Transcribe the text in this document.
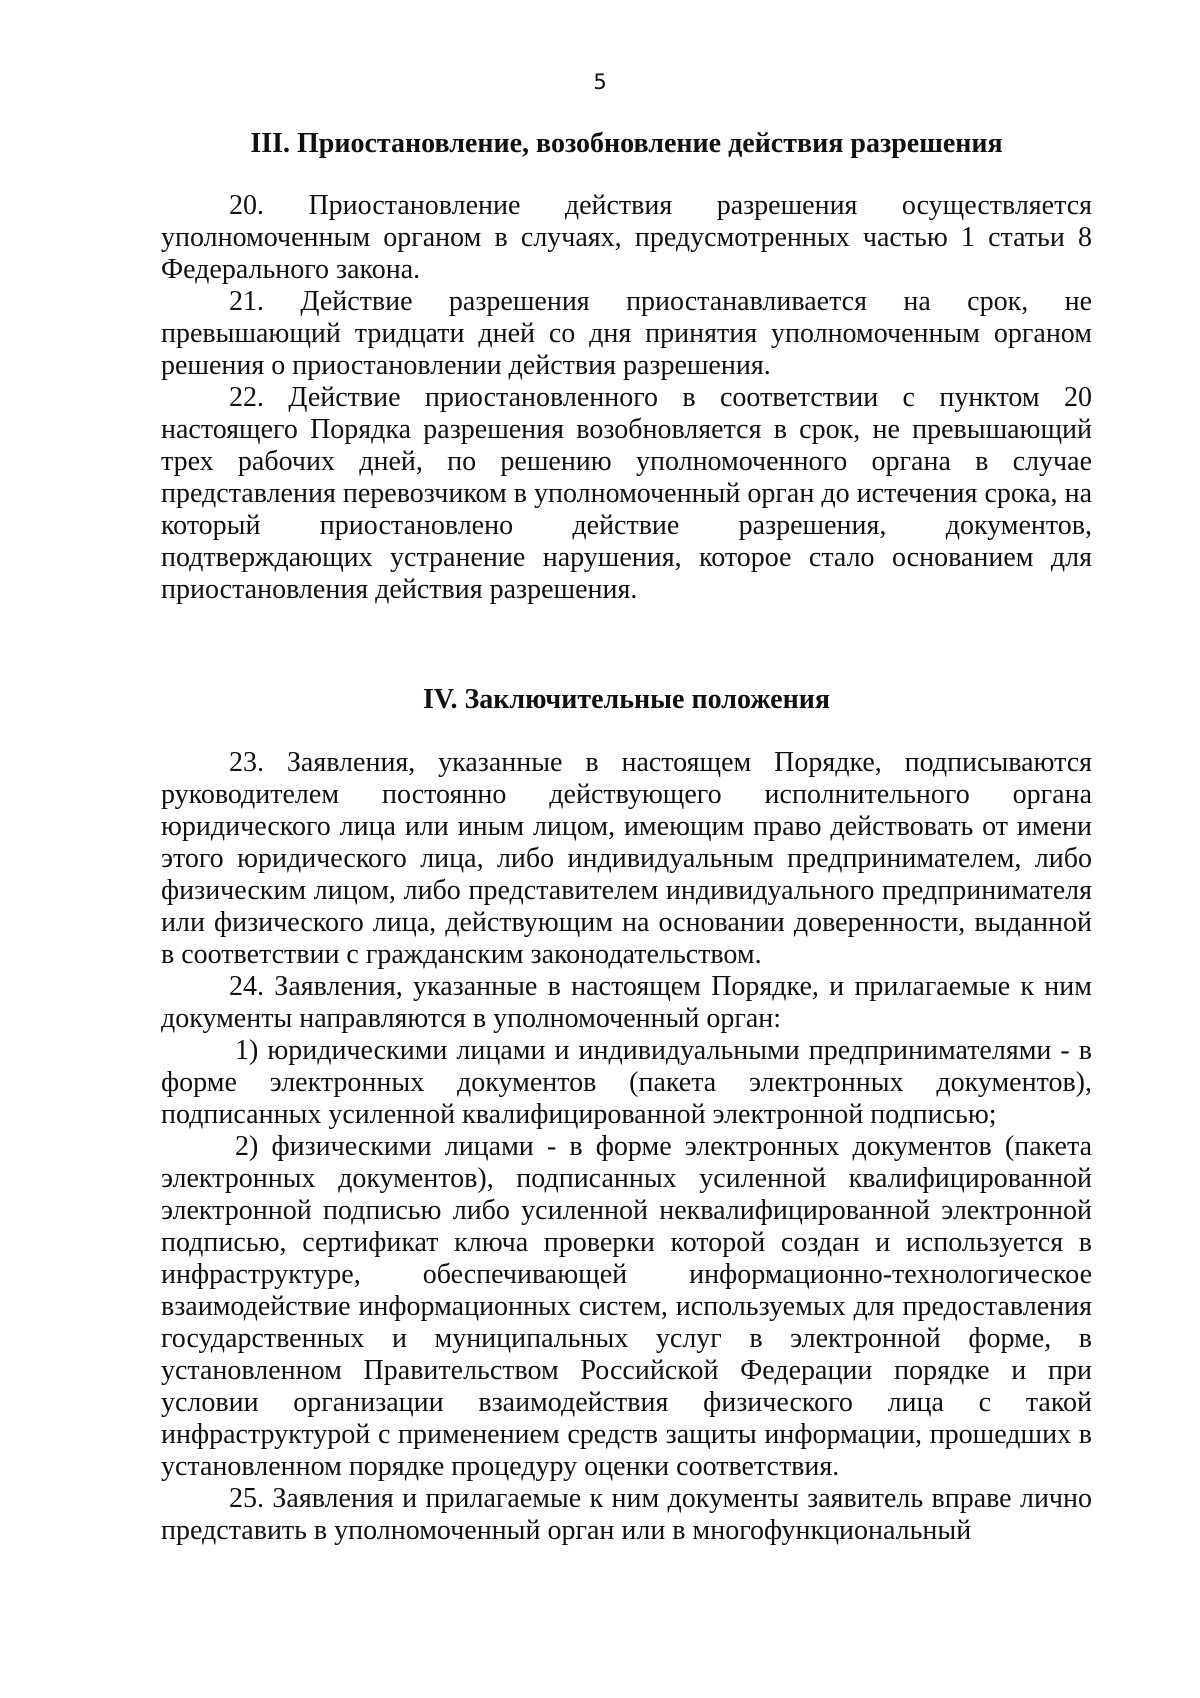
5
III. Приостановление, возобновление действия разрешения

20. Приостановление действия разрешения осуществляется уполномоченным органом в случаях, предусмотренных частью 1 статьи 8 Федерального закона.

21. Действие разрешения приостанавливается на срок, не превышающий тридцати дней со дня принятия уполномоченным органом решения о приостановлении действия разрешения.

22. Действие приостановленного в соответствии с пунктом 20 настоящего Порядка разрешения возобновляется в срок, не превышающий трех рабочих дней, по решению уполномоченного органа в случае представления перевозчиком в уполномоченный орган до истечения срока, на который приостановлено действие разрешения, документов, подтверждающих устранение нарушения, которое стало основанием для приостановления действия разрешения.

IV. Заключительные положения

23. Заявления, указанные в настоящем Порядке, подписываются руководителем постоянно действующего исполнительного органа юридического лица или иным лицом, имеющим право действовать от имени этого юридического лица, либо индивидуальным предпринимателем, либо физическим лицом, либо представителем индивидуального предпринимателя или физического лица, действующим на основании доверенности, выданной в соответствии с гражданским законодательством.

24. Заявления, указанные в настоящем Порядке, и прилагаемые к ним документы направляются в уполномоченный орган:

1) юридическими лицами и индивидуальными предпринимателями - в форме электронных документов (пакета электронных документов), подписанных усиленной квалифицированной электронной подписью;

2) физическими лицами - в форме электронных документов (пакета электронных документов), подписанных усиленной квалифицированной электронной подписью либо усиленной неквалифицированной электронной подписью, сертификат ключа проверки которой создан и используется в инфраструктуре, обеспечивающей информационно-технологическое взаимодействие информационных систем, используемых для предоставления государственных и муниципальных услуг в электронной форме, в установленном Правительством Российской Федерации порядке и при условии организации взаимодействия физического лица с такой инфраструктурой с применением средств защиты информации, прошедших в установленном порядке процедуру оценки соответствия.

25. Заявления и прилагаемые к ним документы заявитель вправе лично представить в уполномоченный орган или в многофункциональный
